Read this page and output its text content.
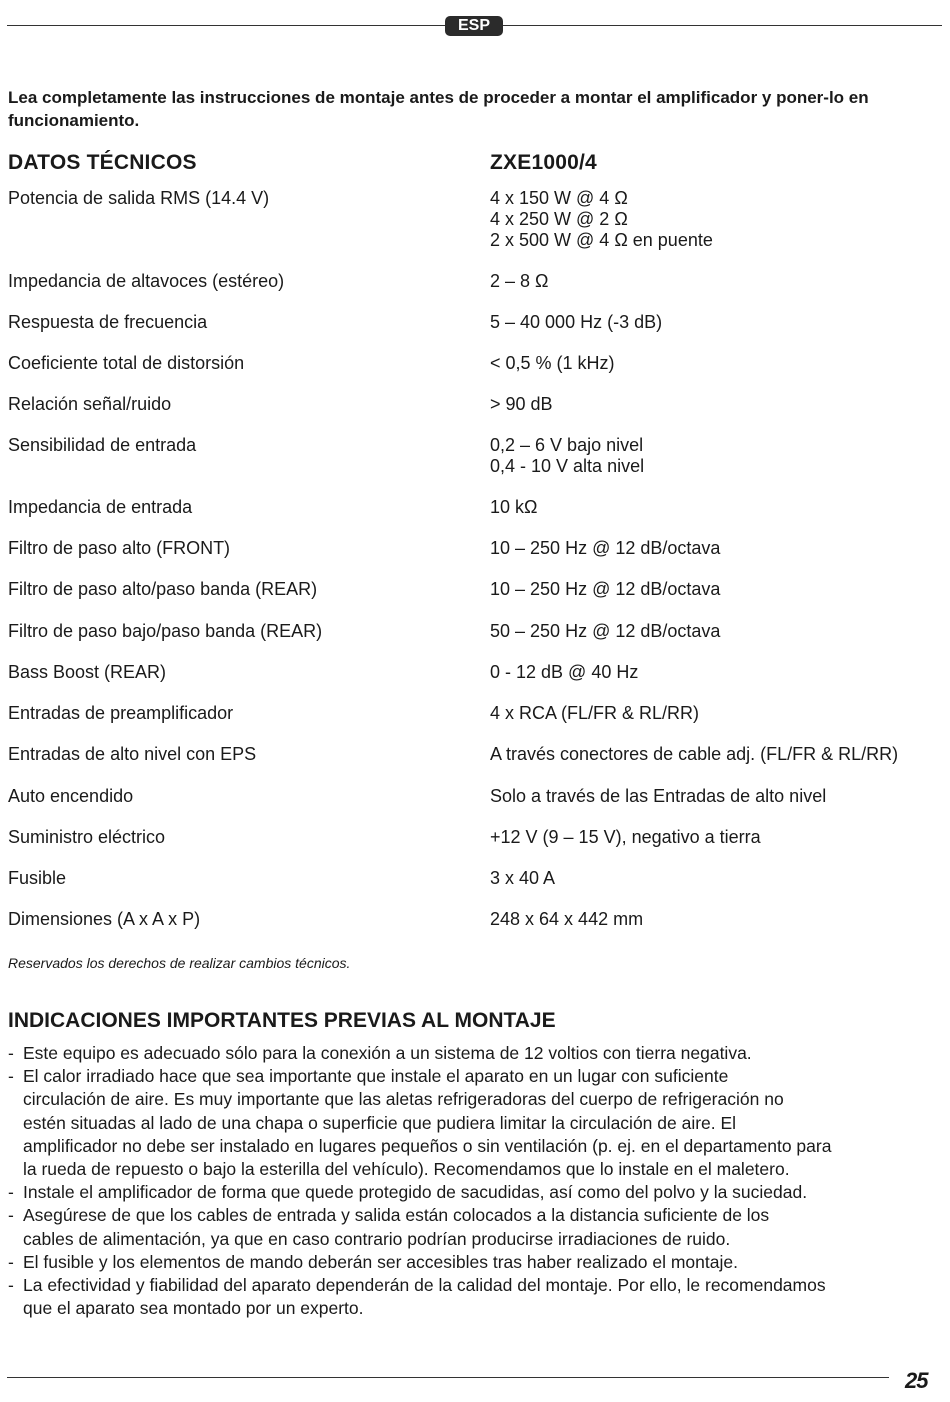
ESP
Lea completamente las instrucciones de montaje antes de proceder a montar el amplificador y poner-lo en funcionamiento.
DATOS TÉCNICOS	ZXE1000/4
Potencia de salida RMS (14.4 V)	4 x 150 W @ 4 Ω
4 x 250 W @ 2 Ω
2 x 500 W @ 4 Ω en puente
Impedancia de altavoces (estéreo)	2 – 8 Ω
Respuesta de frecuencia	5 – 40 000 Hz (-3 dB)
Coeficiente total de distorsión	< 0,5 % (1 kHz)
Relación señal/ruido	> 90 dB
Sensibilidad de entrada	0,2 – 6 V bajo nivel
0,4 - 10 V alta nivel
Impedancia de entrada	10 kΩ
Filtro de paso alto (FRONT)	10 – 250 Hz @ 12 dB/octava
Filtro de paso alto/paso banda (REAR)	10 – 250 Hz @ 12 dB/octava
Filtro de paso bajo/paso banda (REAR)	50 – 250 Hz @ 12 dB/octava
Bass Boost (REAR)	0 - 12 dB @ 40 Hz
Entradas de preamplificador	4 x RCA (FL/FR & RL/RR)
Entradas de alto nivel con EPS	A través conectores de cable adj. (FL/FR & RL/RR)
Auto encendido	Solo a través de las Entradas de alto nivel
Suministro eléctrico	+12 V (9 – 15 V), negativo a tierra
Fusible	3 x 40 A
Dimensiones (A x A x P)	248 x 64 x 442 mm
Reservados los derechos de realizar cambios técnicos.
INDICACIONES IMPORTANTES PREVIAS AL MONTAJE
- Este equipo es adecuado sólo para la conexión a un sistema de 12 voltios con tierra negativa.
- El calor irradiado hace que sea importante que instale el aparato en un lugar con suficiente
circulación de aire. Es muy importante que las aletas refrigeradoras del cuerpo de refrigeración no
estén situadas al lado de una chapa o superficie que pudiera limitar la circulación de aire. El
amplificador no debe ser instalado en lugares pequeños o sin ventilación (p. ej. en el departamento para
la rueda de repuesto o bajo la esterilla del vehículo). Recomendamos que lo instale en el maletero.
- Instale el amplificador de forma que quede protegido de sacudidas, así como del polvo y la suciedad.
- Asegúrese de que los cables de entrada y salida están colocados a la distancia suficiente de los
cables de alimentación, ya que en caso contrario podrían producirse irradiaciones de ruido.
- El fusible y los elementos de mando deberán ser accesibles tras haber realizado el montaje.
- La efectividad y fiabilidad del aparato dependerán de la calidad del montaje. Por ello, le recomendamos
que el aparato sea montado por un experto.
25
